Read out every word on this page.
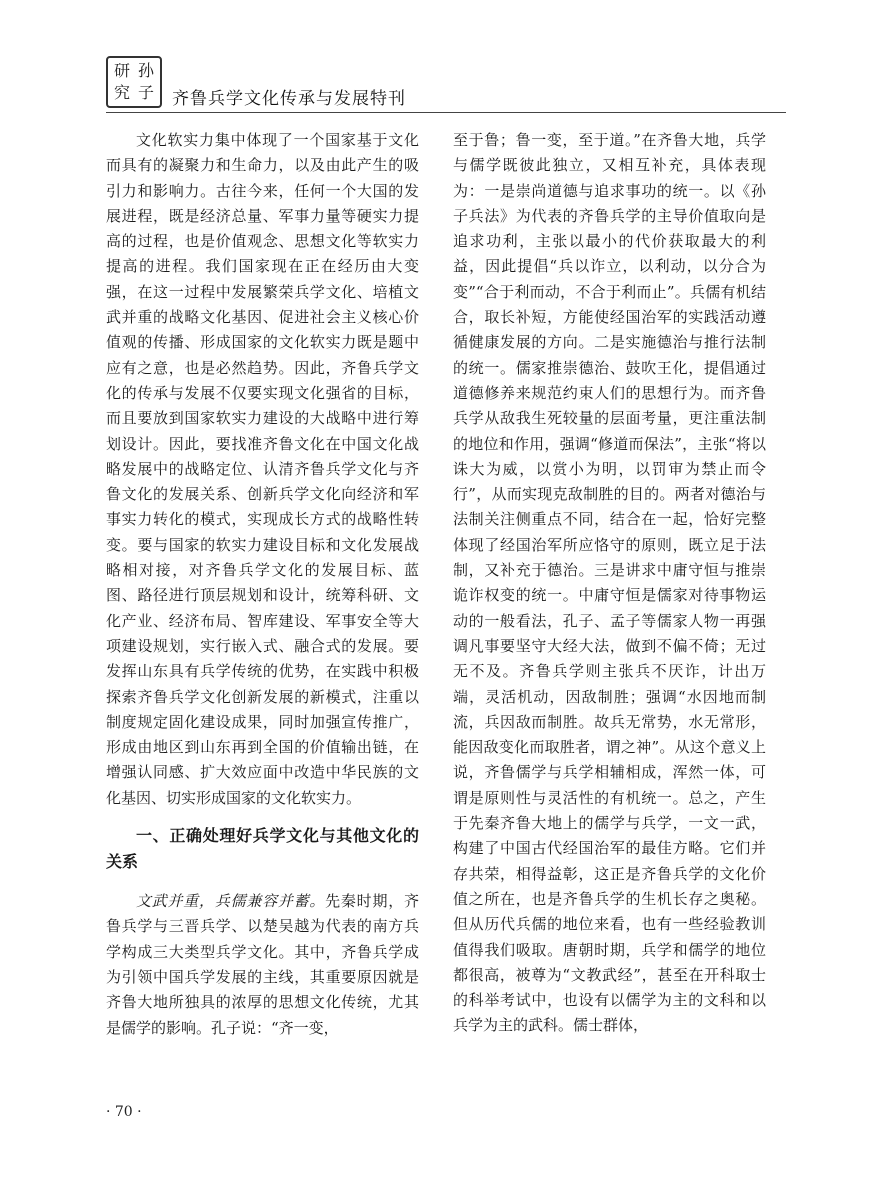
研 孙
究 子 齐鲁兵学文化传承与发展特刊

文化软实力集中体现了一个国家基于文化而具有的凝聚力和生命力，以及由此产生的吸引力和影响力。古往今来，任何一个大国的发展进程，既是经济总量、军事力量等硬实力提高的过程，也是价值观念、思想文化等软实力提高的进程。我们国家现在正在经历由大变强，在这一过程中发展繁荣兵学文化、培植文武并重的战略文化基因、促进社会主义核心价值观的传播、形成国家的文化软实力既是题中应有之意，也是必然趋势。因此，齐鲁兵学文化的传承与发展不仅要实现文化强省的目标，而且要放到国家软实力建设的大战略中进行筹划设计。因此，要找准齐鲁文化在中国文化战略发展中的战略定位、认清齐鲁兵学文化与齐鲁文化的发展关系、创新兵学文化向经济和军事实力转化的模式，实现成长方式的战略性转变。要与国家的软实力建设目标和文化发展战略相对接，对齐鲁兵学文化的发展目标、蓝图、路径进行顶层规划和设计，统筹科研、文化产业、经济布局、智库建设、军事安全等大项建设规划，实行嵌入式、融合式的发展。要发挥山东具有兵学传统的优势，在实践中积极探索齐鲁兵学文化创新发展的新模式，注重以制度规定固化建设成果，同时加强宣传推广，形成由地区到山东再到全国的价值输出链，在增强认同感、扩大效应面中改造中华民族的文化基因、切实形成国家的文化软实力。

一、正确处理好兵学文化与其他文化的关系

文武并重，兵儒兼容并蓄。先秦时期，齐鲁兵学与三晋兵学、以楚吴越为代表的南方兵学构成三大类型兵学文化。其中，齐鲁兵学成为引领中国兵学发展的主线，其重要原因就是齐鲁大地所独具的浓厚的思想文化传统，尤其是儒学的影响。孔子说：“齐一变，

至于鲁；鲁一变，至于道。”在齐鲁大地，兵学与儒学既彼此独立，又相互补充，具体表现为：一是崇尚道德与追求事功的统一。以《孙子兵法》为代表的齐鲁兵学的主导价值取向是追求功利，主张以最小的代价获取最大的利益，因此提倡“兵以诈立，以利动，以分合为变”“合于利而动，不合于利而止”。兵儒有机结合，取长补短，方能使经国治军的实践活动遵循健康发展的方向。二是实施德治与推行法制的统一。儒家推崇德治、鼓吹王化，提倡通过道德修养来规范约束人们的思想行为。而齐鲁兵学从敌我生死较量的层面考量，更注重法制的地位和作用，强调“修道而保法”，主张“将以诛大为威，以赏小为明，以罚审为禁止而令行”，从而实现克敌制胜的目的。两者对德治与法制关注侧重点不同，结合在一起，恰好完整体现了经国治军所应恪守的原则，既立足于法制，又补充于德治。三是讲求中庸守恒与推崇诡诈权变的统一。中庸守恒是儒家对待事物运动的一般看法，孔子、孟子等儒家人物一再强调凡事要坚守大经大法，做到不偏不倚；无过无不及。齐鲁兵学则主张兵不厌诈，计出万端，灵活机动，因敌制胜；强调“水因地而制流，兵因敌而制胜。故兵无常势，水无常形，能因敌变化而取胜者，谓之神”。从这个意义上说，齐鲁儒学与兵学相辅相成，浑然一体，可谓是原则性与灵活性的有机统一。总之，产生于先秦齐鲁大地上的儒学与兵学，一文一武，构建了中国古代经国治军的最佳方略。它们并存共荣，相得益彰，这正是齐鲁兵学的文化价值之所在，也是齐鲁兵学的生机长存之奥秘。但从历代兵儒的地位来看，也有一些经验教训值得我们吸取。唐朝时期，兵学和儒学的地位都很高，被尊为“文教武经”，甚至在开科取士的科举考试中，也设有以儒学为主的文科和以兵学为主的武科。儒士群体，

· 70 ·
